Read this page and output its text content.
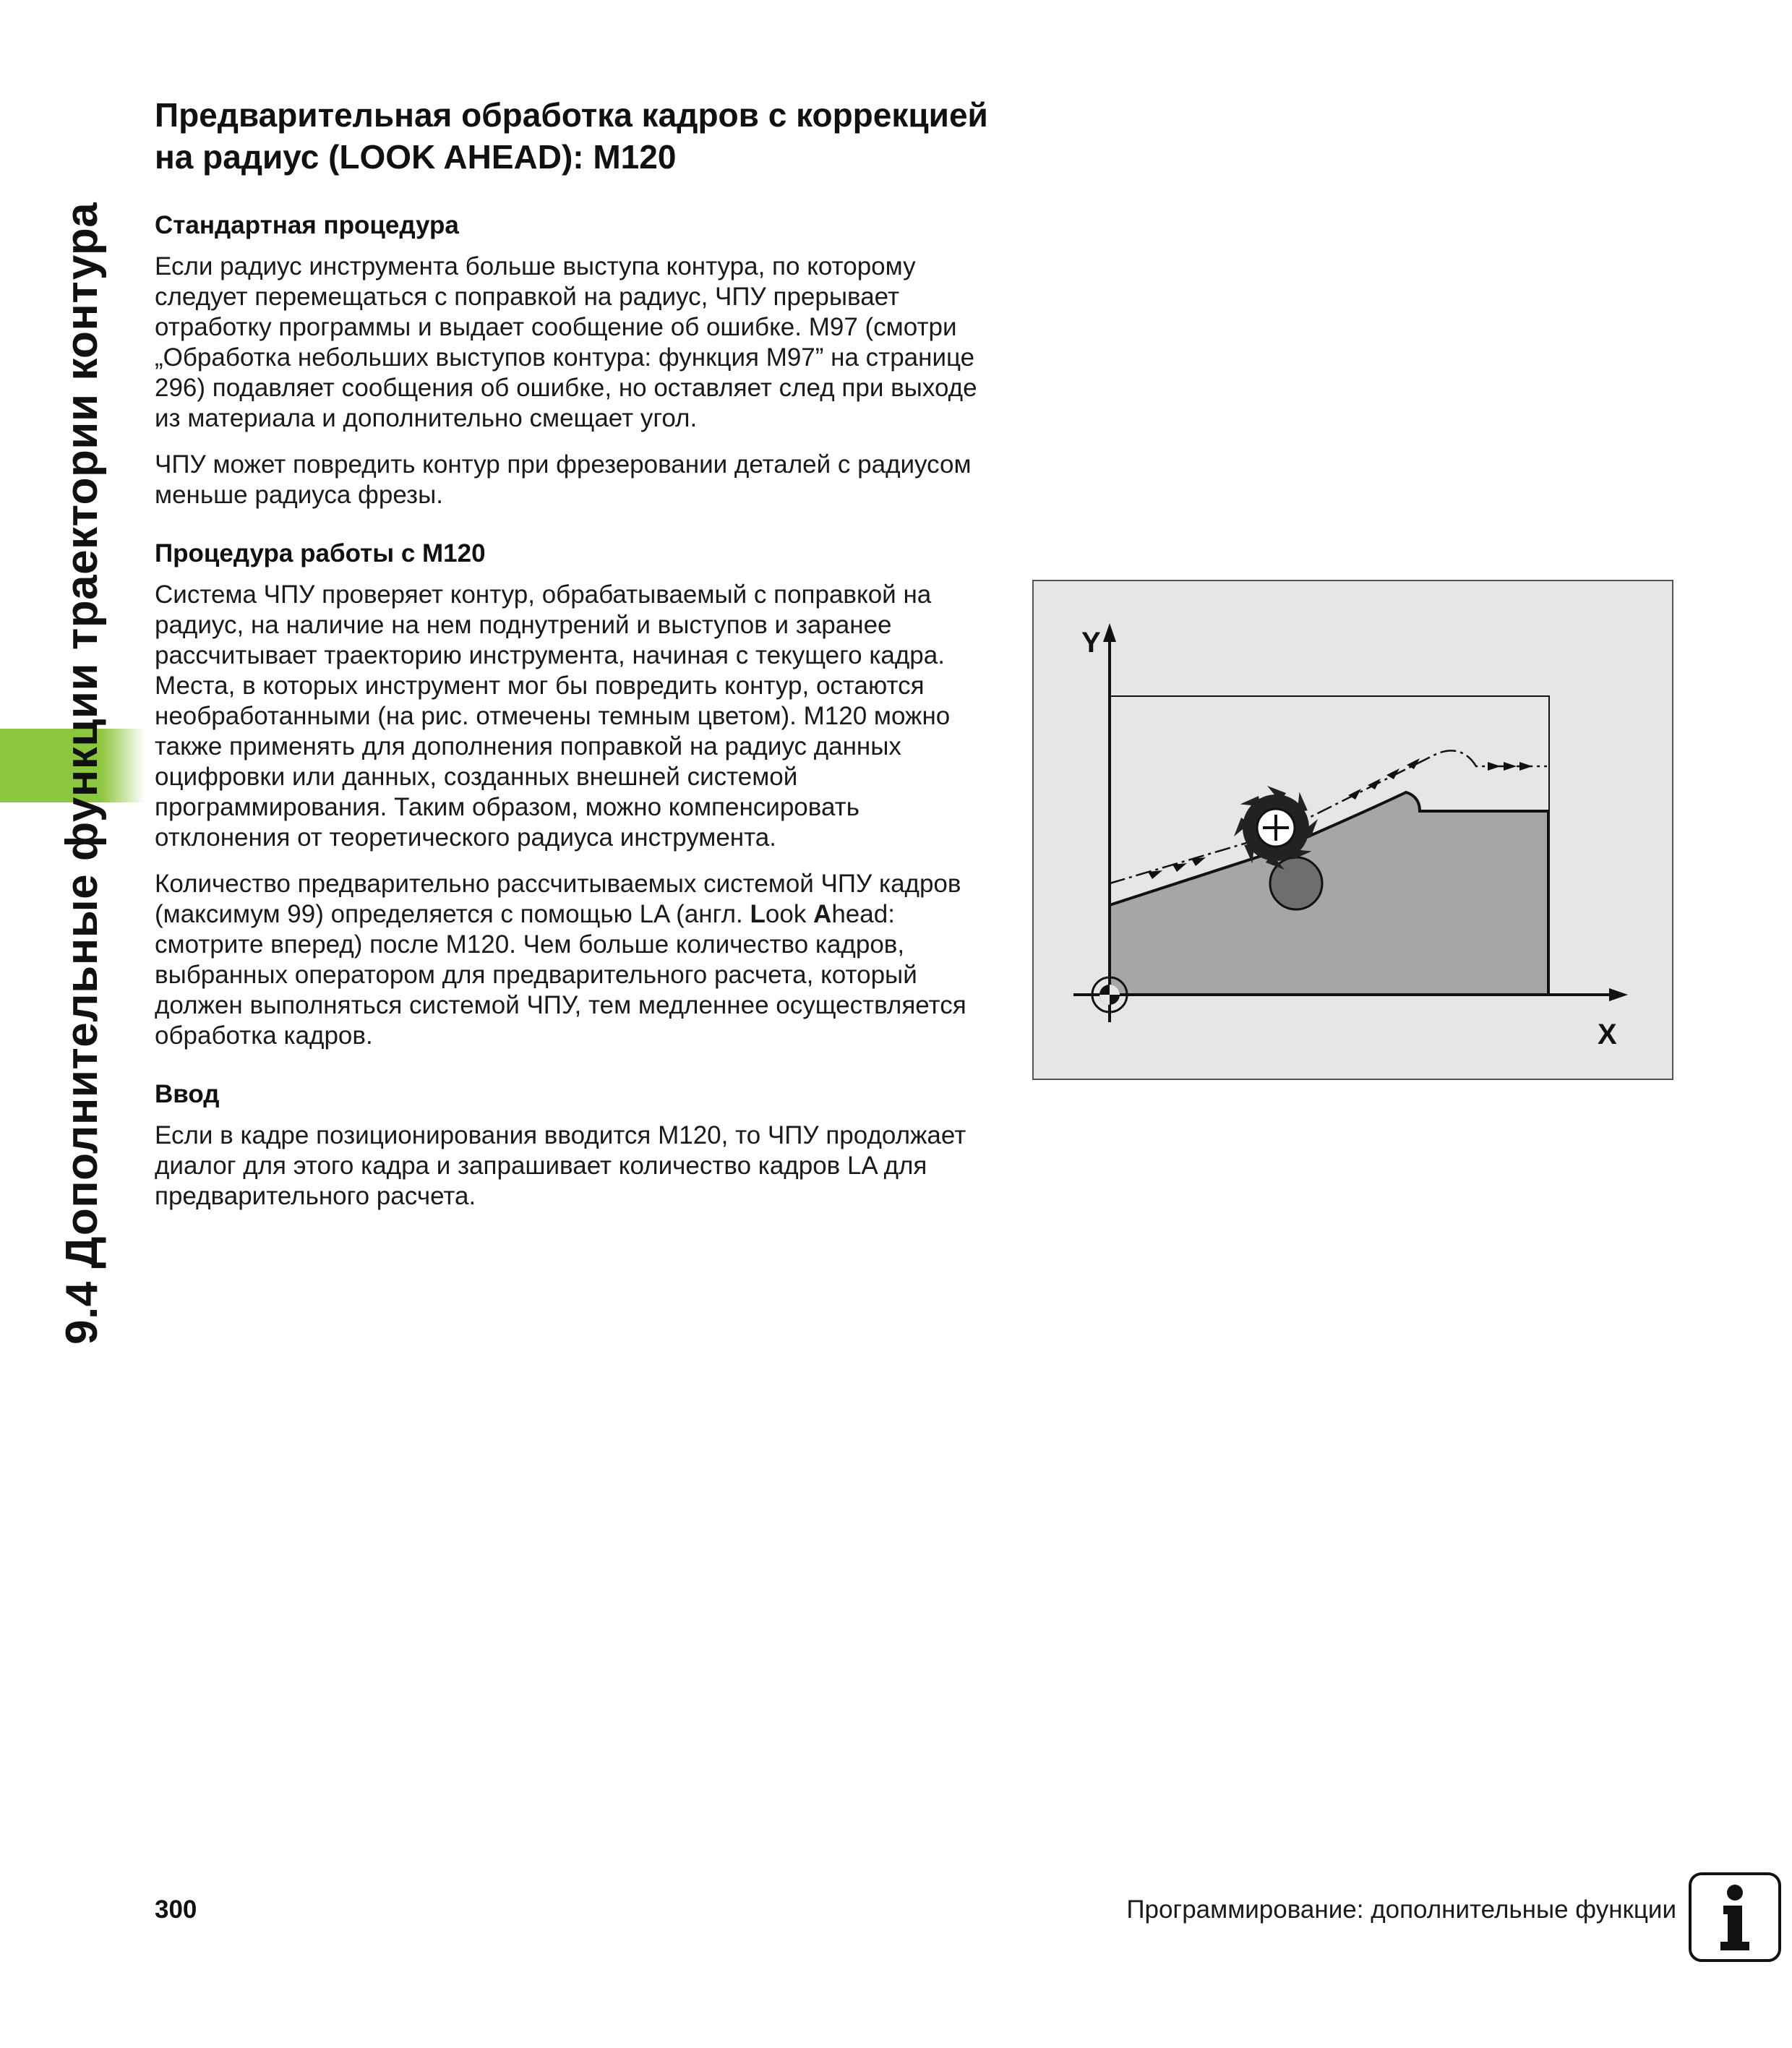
9.4 Дополнительные функции траектории контура
Предварительная обработка кадров с коррекцией на радиус (LOOK AHEAD): M120
Стандартная процедура

Если радиус инструмента больше выступа контура, по которому следует перемещаться с поправкой на радиус, ЧПУ прерывает отработку программы и выдает сообщение об ошибке. M97 (смотри „Обработка небольших выступов контура: функция M97” на странице 296) подавляет сообщения об ошибке, но оставляет след при выходе из материала и дополнительно смещает угол.

ЧПУ может повредить контур при фрезеровании деталей с радиусом меньше радиуса фрезы.

Процедура работы с M120

Система ЧПУ проверяет контур, обрабатываемый с поправкой на радиус, на наличие на нем поднутрений и выступов и заранее рассчитывает траекторию инструмента, начиная с текущего кадра. Места, в которых инструмент мог бы повредить контур, остаются необработанными (на рис. отмечены темным цветом). M120 можно также применять для дополнения поправкой на радиус данных оцифровки или данных, созданных внешней системой программирования. Таким образом, можно компенсировать отклонения от теоретического радиуса инструмента.

Количество предварительно рассчитываемых системой ЧПУ кадров (максимум 99) определяется с помощью LA (англ. Look Ahead: смотрите вперед) после M120. Чем больше количество кадров, выбранных оператором для предварительного расчета, который должен выполняться системой ЧПУ, тем медленнее осуществляется обработка кадров.

Ввод

Если в кадре позиционирования вводится M120, то ЧПУ продолжает диалог для этого кадра и запрашивает количество кадров LA для предварительного расчета.

Y
X
300	Программирование: дополнительные функции
